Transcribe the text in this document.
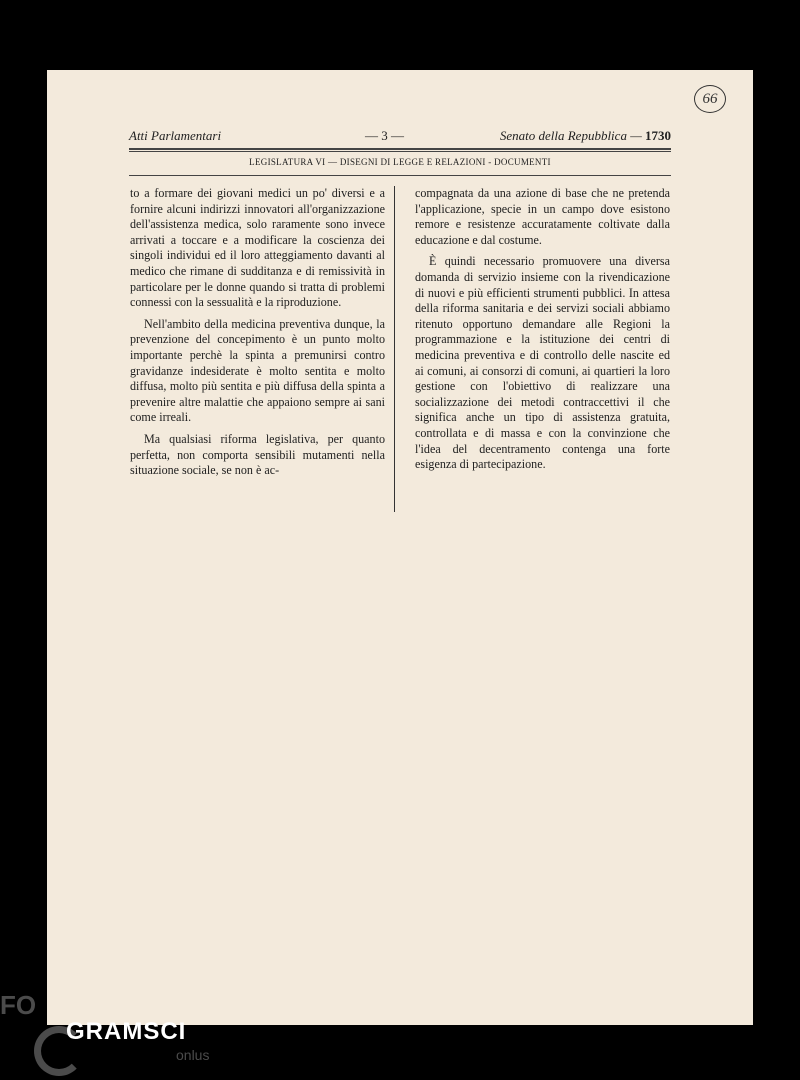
66
Atti Parlamentari	— 3 —	Senato della Repubblica — 1730
LEGISLATURA VI — DISEGNI DI LEGGE E RELAZIONI - DOCUMENTI

to a formare dei giovani medici un po' diversi e a fornire alcuni indirizzi innovatori all'organizzazione dell'assistenza medica, solo raramente sono invece arrivati a toccare e a modificare la coscienza dei singoli individui ed il loro atteggiamento davanti al medico che rimane di sudditanza e di remissività in particolare per le donne quando si tratta di problemi connessi con la sessualità e la riproduzione.

Nell'ambito della medicina preventiva dunque, la prevenzione del concepimento è un punto molto importante perchè la spinta a premunirsi contro gravidanze indesiderate è molto sentita e molto diffusa, molto più sentita e più diffusa della spinta a prevenire altre malattie che appaiono sempre ai sani come irreali.

Ma qualsiasi riforma legislativa, per quanto perfetta, non comporta sensibili mutamenti nella situazione sociale, se non è ac-

compagnata da una azione di base che ne pretenda l'applicazione, specie in un campo dove esistono remore e resistenze accuratamente coltivate dalla educazione e dal costume.

È quindi necessario promuovere una diversa domanda di servizio insieme con la rivendicazione di nuovi e più efficienti strumenti pubblici. In attesa della riforma sanitaria e dei servizi sociali abbiamo ritenuto opportuno demandare alle Regioni la programmazione e la istituzione dei centri di medicina preventiva e di controllo delle nascite ed ai comuni, ai consorzi di comuni, ai quartieri la loro gestione con l'obiettivo di realizzare una socializzazione dei metodi contraccettivi il che significa anche un tipo di assistenza gratuita, controllata e di massa e con la convinzione che l'idea del decentramento contenga una forte esigenza di partecipazione.

FO
GRAMSCI
onlus
